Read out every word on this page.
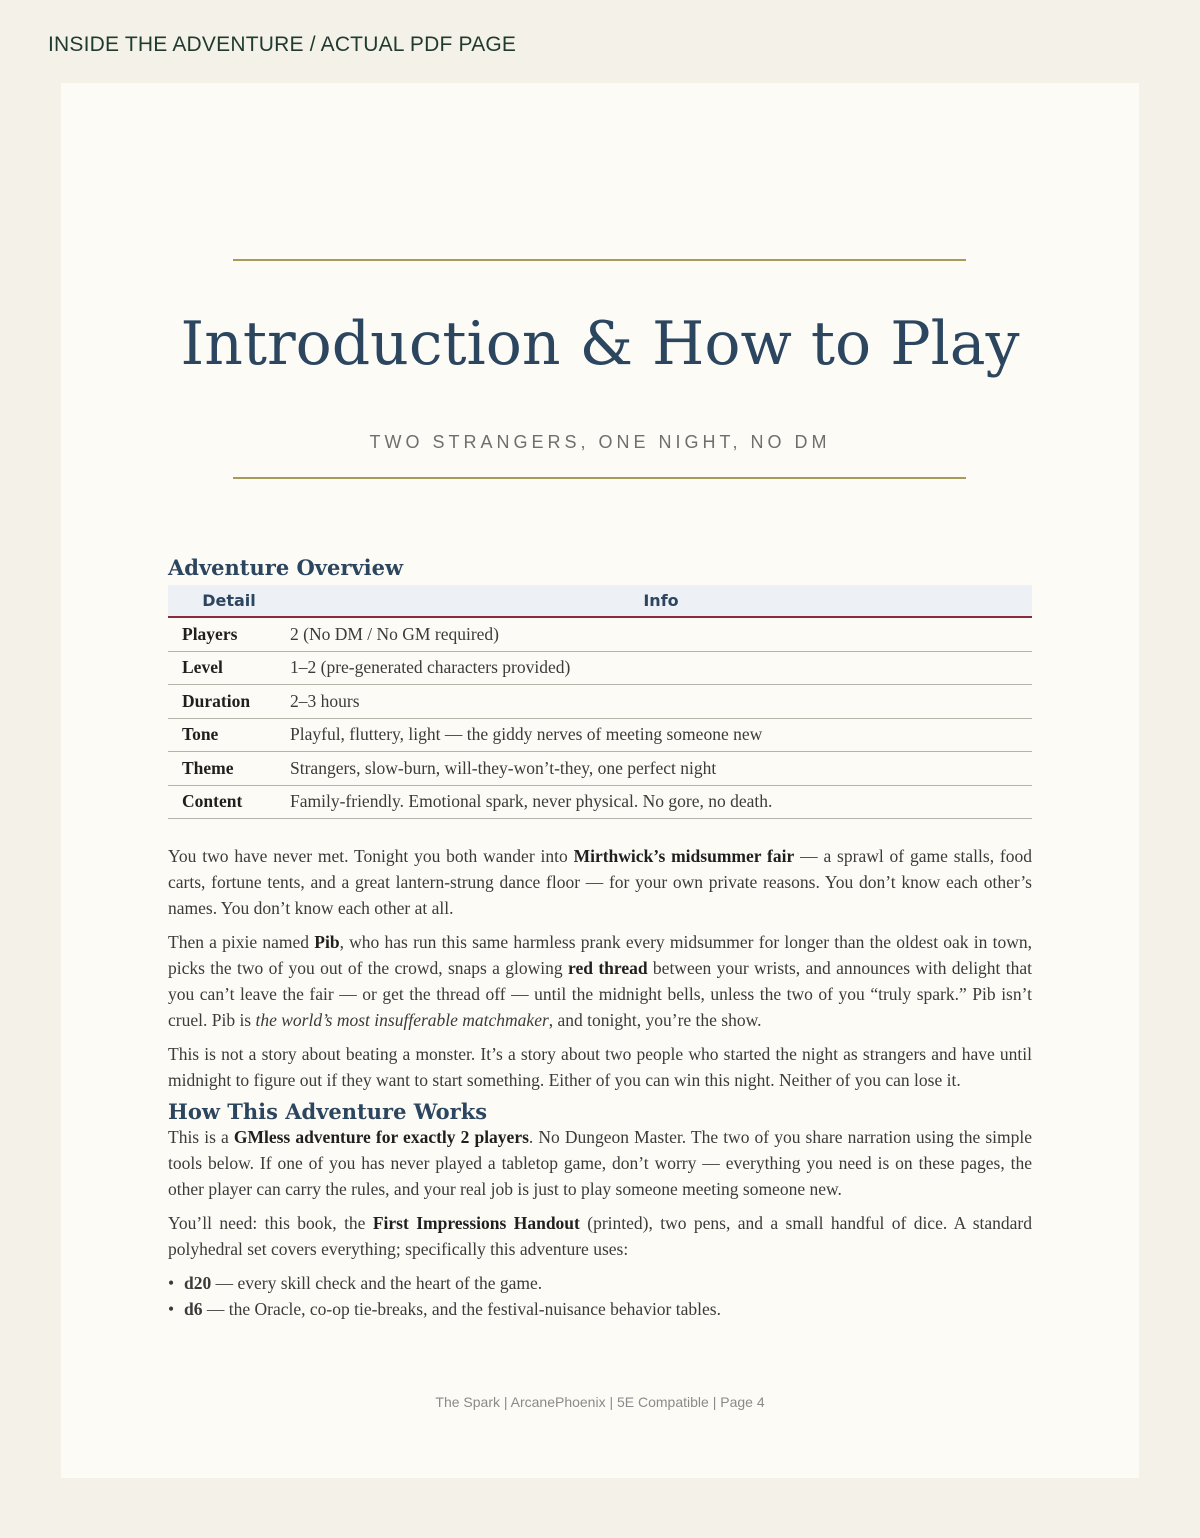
INSIDE THE ADVENTURE / ACTUAL PDF PAGE
Introduction & How to Play
TWO STRANGERS, ONE NIGHT, NO DM
Adventure Overview
Detail	Info
Players	2 (No DM / No GM required)
Level	1–2 (pre-generated characters provided)
Duration	2–3 hours
Tone	Playful, fluttery, light — the giddy nerves of meeting someone new
Theme	Strangers, slow-burn, will-they-won’t-they, one perfect night
Content	Family-friendly. Emotional spark, never physical. No gore, no death.

You two have never met. Tonight you both wander into Mirthwick’s midsummer fair — a sprawl of game stalls, food carts, fortune tents, and a great lantern-strung dance floor — for your own private reasons. You don’t know each other’s names. You don’t know each other at all.

Then a pixie named Pib, who has run this same harmless prank every midsummer for longer than the oldest oak in town, picks the two of you out of the crowd, snaps a glowing red thread between your wrists, and announces with delight that you can’t leave the fair — or get the thread off — until the midnight bells, unless the two of you “truly spark.” Pib isn’t cruel. Pib is the world’s most insufferable matchmaker, and tonight, you’re the show.

This is not a story about beating a monster. It’s a story about two people who started the night as strangers and have until midnight to figure out if they want to start something. Either of you can win this night. Neither of you can lose it.

How This Adventure Works

This is a GMless adventure for exactly 2 players. No Dungeon Master. The two of you share narration using the simple tools below. If one of you has never played a tabletop game, don’t worry — everything you need is on these pages, the other player can carry the rules, and your real job is just to play someone meeting someone new.

You’ll need: this book, the First Impressions Handout (printed), two pens, and a small handful of dice. A standard polyhedral set covers everything; specifically this adventure uses:

• d20 — every skill check and the heart of the game.
• d6 — the Oracle, co-op tie-breaks, and the festival-nuisance behavior tables.
The Spark | ArcanePhoenix | 5E Compatible | Page 4
